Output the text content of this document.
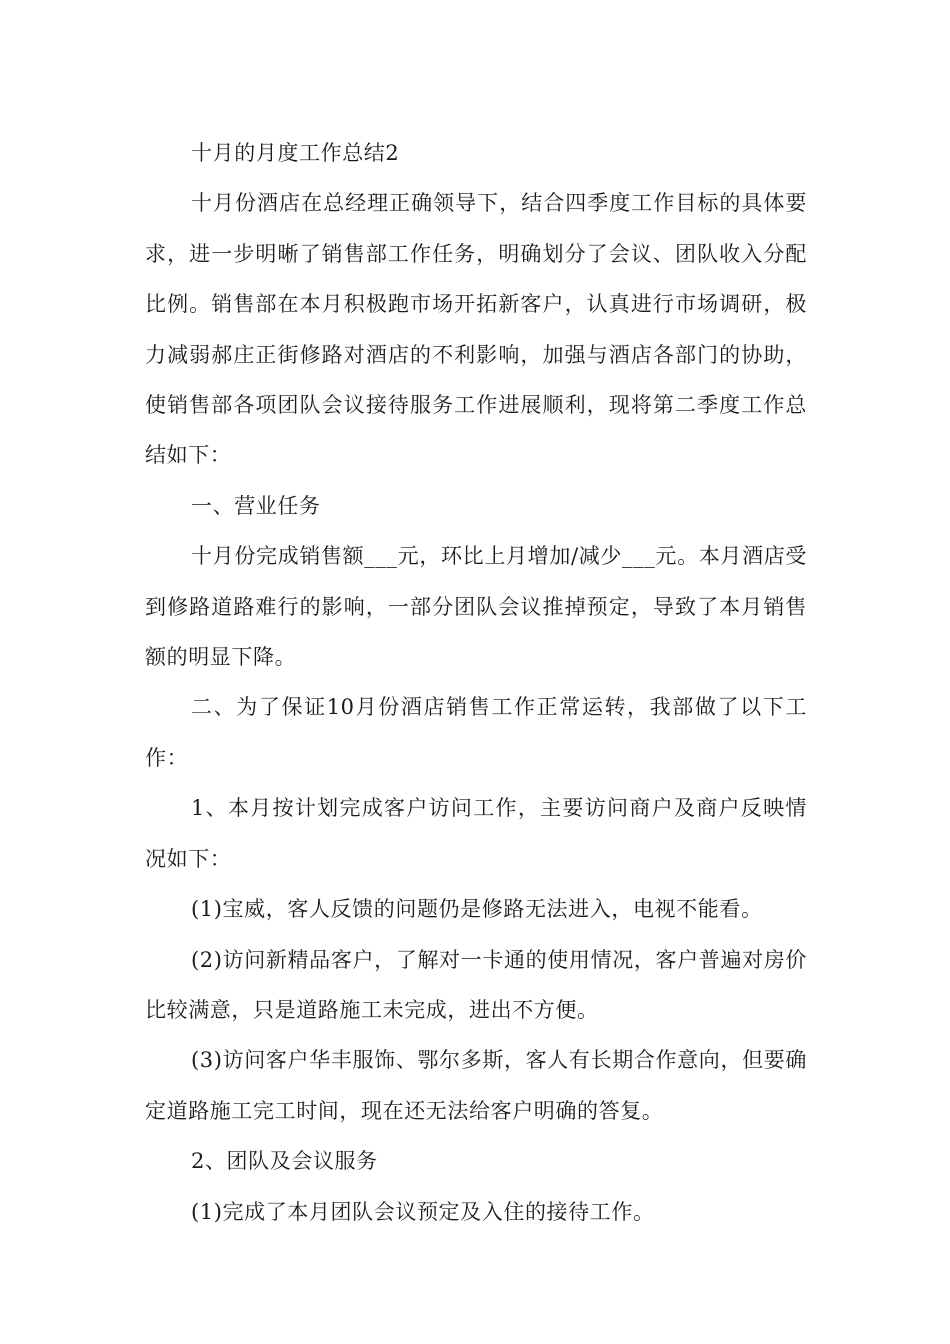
十月的月度工作总结2

十月份酒店在总经理正确领导下，结合四季度工作目标的具体要求，进一步明晰了销售部工作任务，明确划分了会议、团队收入分配比例。销售部在本月积极跑市场开拓新客户，认真进行市场调研，极力减弱郝庄正街修路对酒店的不利影响，加强与酒店各部门的协助，使销售部各项团队会议接待服务工作进展顺利，现将第二季度工作总结如下：

一、营业任务

十月份完成销售额___元，环比上月增加/减少___元。本月酒店受到修路道路难行的影响，一部分团队会议推掉预定，导致了本月销售额的明显下降。

二、为了保证10月份酒店销售工作正常运转，我部做了以下工作：

1、本月按计划完成客户访问工作，主要访问商户及商户反映情况如下：

(1)宝威，客人反馈的问题仍是修路无法进入，电视不能看。

(2)访问新精品客户，了解对一卡通的使用情况，客户普遍对房价比较满意，只是道路施工未完成，进出不方便。

(3)访问客户华丰服饰、鄂尔多斯，客人有长期合作意向，但要确定道路施工完工时间，现在还无法给客户明确的答复。

2、团队及会议服务

(1)完成了本月团队会议预定及入住的接待工作。
